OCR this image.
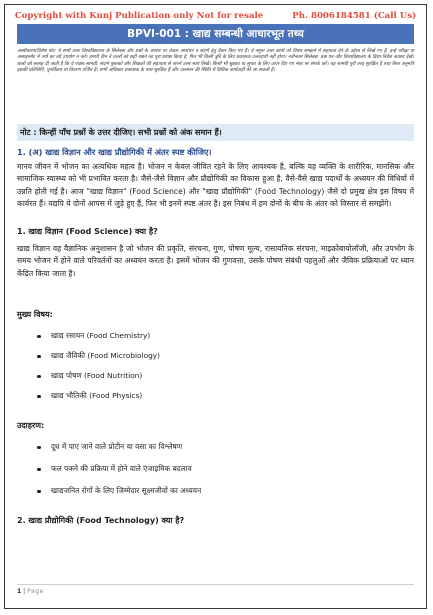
Copyright with Kunj Publication only Not for resale	Ph. 8006184581 (Call Us)
BPVI-001 : खाद्य सम्बन्धी आधारभूत तथ्य
अस्वीकरण/विशेष नोट: ये सभी उत्तर विश्वविद्यालय के सिलेबस और प्रश्नों के आधार पर केवल अध्ययन व संदर्भ हेतु तैयार किए गए हैं। ये नमूना उत्तर छात्रों को विषय समझने में सहायता देने के उद्देश्य से लिखे गए हैं, इन्हें परीक्षा या असाइनमेंट में ज्यों का त्यों उपयोग न करें। हमारी टीम ने उत्तरों को सही रखने का पूरा प्रयास किया है, फिर भी किसी त्रुटि के लिए प्रकाशक उत्तरदायी नहीं होगा। नवीनतम सिलेबस, प्रश्न पत्र और विश्वविद्यालय के दिशा-निर्देश अवश्य देखें। छात्रों को सलाह दी जाती है कि वे पाठ्य-सामग्री, संदर्भ पुस्तकों और शिक्षकों की सहायता से अपने उत्तर स्वयं लिखें। किसी भी सुझाव या सुधार के लिए ऊपर दिए गए नंबर पर संपर्क करें। यह सामग्री पूरी तरह सुरक्षित है तथा बिना अनुमति इसकी प्रतिलिपि, पुनर्विक्रय या वितरण वर्जित है। सभी अधिकार प्रकाशक के पास सुरक्षित हैं और उल्लंघन की स्थिति में विधिक कार्यवाही की जा सकती है।
नोट : किन्हीं पाँच प्रश्नों के उत्तर दीजिए। सभी प्रश्नों को अंक समान हैं।
1. (अ) खाद्य विज्ञान और खाद्य प्रौद्योगिकी में अंतर स्पष्ट कीजिए।
मानव जीवन में भोजन का अत्यधिक महत्व है। भोजन न केवल जीवित रहने के लिए आवश्यक है, बल्कि यह व्यक्ति के शारीरिक, मानसिक और सामाजिक स्वास्थ्य को भी प्रभावित करता है। जैसे-जैसे विज्ञान और प्रौद्योगिकी का विकास हुआ है, वैसे-वैसे खाद्य पदार्थों के अध्ययन की विधियों में उन्नति होती गई है। आज "खाद्य विज्ञान" (Food Science) और "खाद्य प्रौद्योगिकी" (Food Technology) जैसे दो प्रमुख क्षेत्र इस विषय में कार्यरत हैं। यद्यपि ये दोनों आपस में जुड़े हुए हैं, फिर भी इनमें स्पष्ट अंतर है। इस निबंध में हम दोनों के बीच के अंतर को विस्तार से समझेंगे।
1. खाद्य विज्ञान (Food Science) क्या है?
खाद्य विज्ञान वह वैज्ञानिक अनुशासन है जो भोजन की प्रकृति, संरचना, गुण, पोषण मूल्य, रासायनिक संरचना, माइक्रोबायोलॉजी, और उपभोग के समय भोजन में होने वाले परिवर्तनों का अध्ययन करता है। इसमें भोजन की गुणवत्ता, उसके पोषण संबंधी पहलुओं और जैविक प्रक्रियाओं पर ध्यान केंद्रित किया जाता है।
मुख्य विषय:
खाद्य रसायन (Food Chemistry)
खाद्य जैविकी (Food Microbiology)
खाद्य पोषण (Food Nutrition)
खाद्य भौतिकी (Food Physics)
उदाहरण:
दूध में पाए जाने वाले प्रोटीन या वसा का विश्लेषण
फल पकने की प्रक्रिया में होने वाले एंजाइमिक बदलाव
खाद्यजनित रोगों के लिए जिम्मेदार सूक्ष्मजीवों का अध्ययन
2. खाद्य प्रौद्योगिकी (Food Technology) क्या है?
1 | Page
